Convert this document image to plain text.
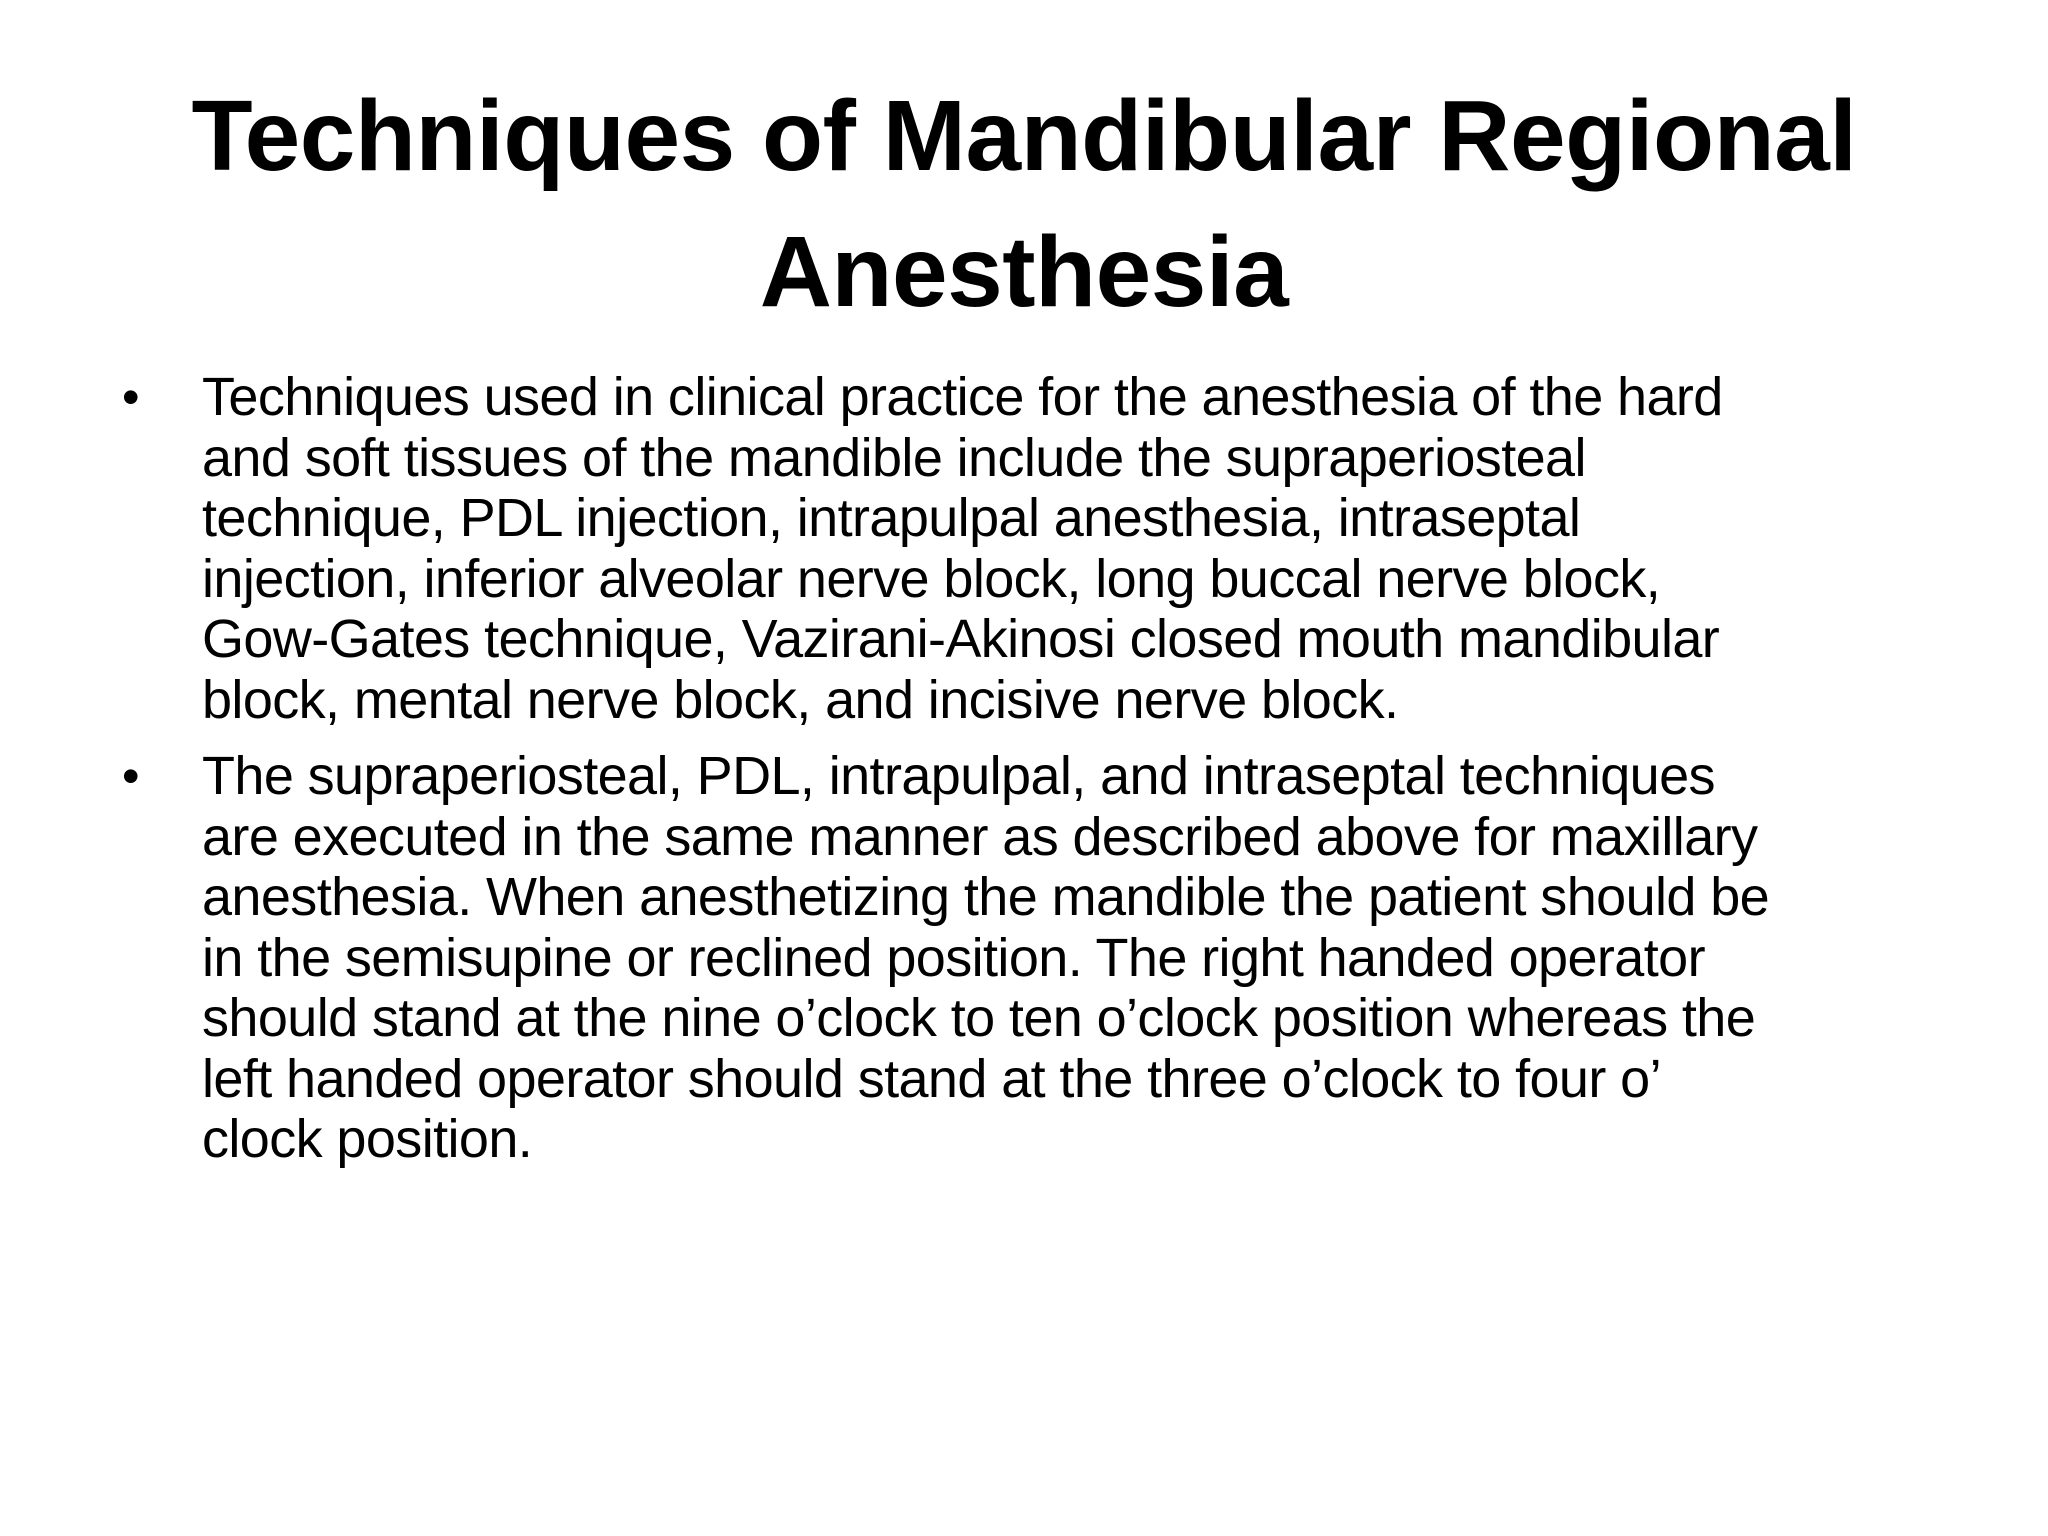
Techniques of Mandibular Regional
Anesthesia
• Techniques used in clinical practice for the anesthesia of the hard
and soft tissues of the mandible include the supraperiosteal
technique, PDL injection, intrapulpal anesthesia, intraseptal
injection, inferior alveolar nerve block, long buccal nerve block,
Gow-Gates technique, Vazirani-Akinosi closed mouth mandibular
block, mental nerve block, and incisive nerve block.
• The supraperiosteal, PDL, intrapulpal, and intraseptal techniques
are executed in the same manner as described above for maxillary
anesthesia. When anesthetizing the mandible the patient should be
in the semisupine or reclined position. The right handed operator
should stand at the nine o’clock to ten o’clock position whereas the
left handed operator should stand at the three o’clock to four o’
clock position.
